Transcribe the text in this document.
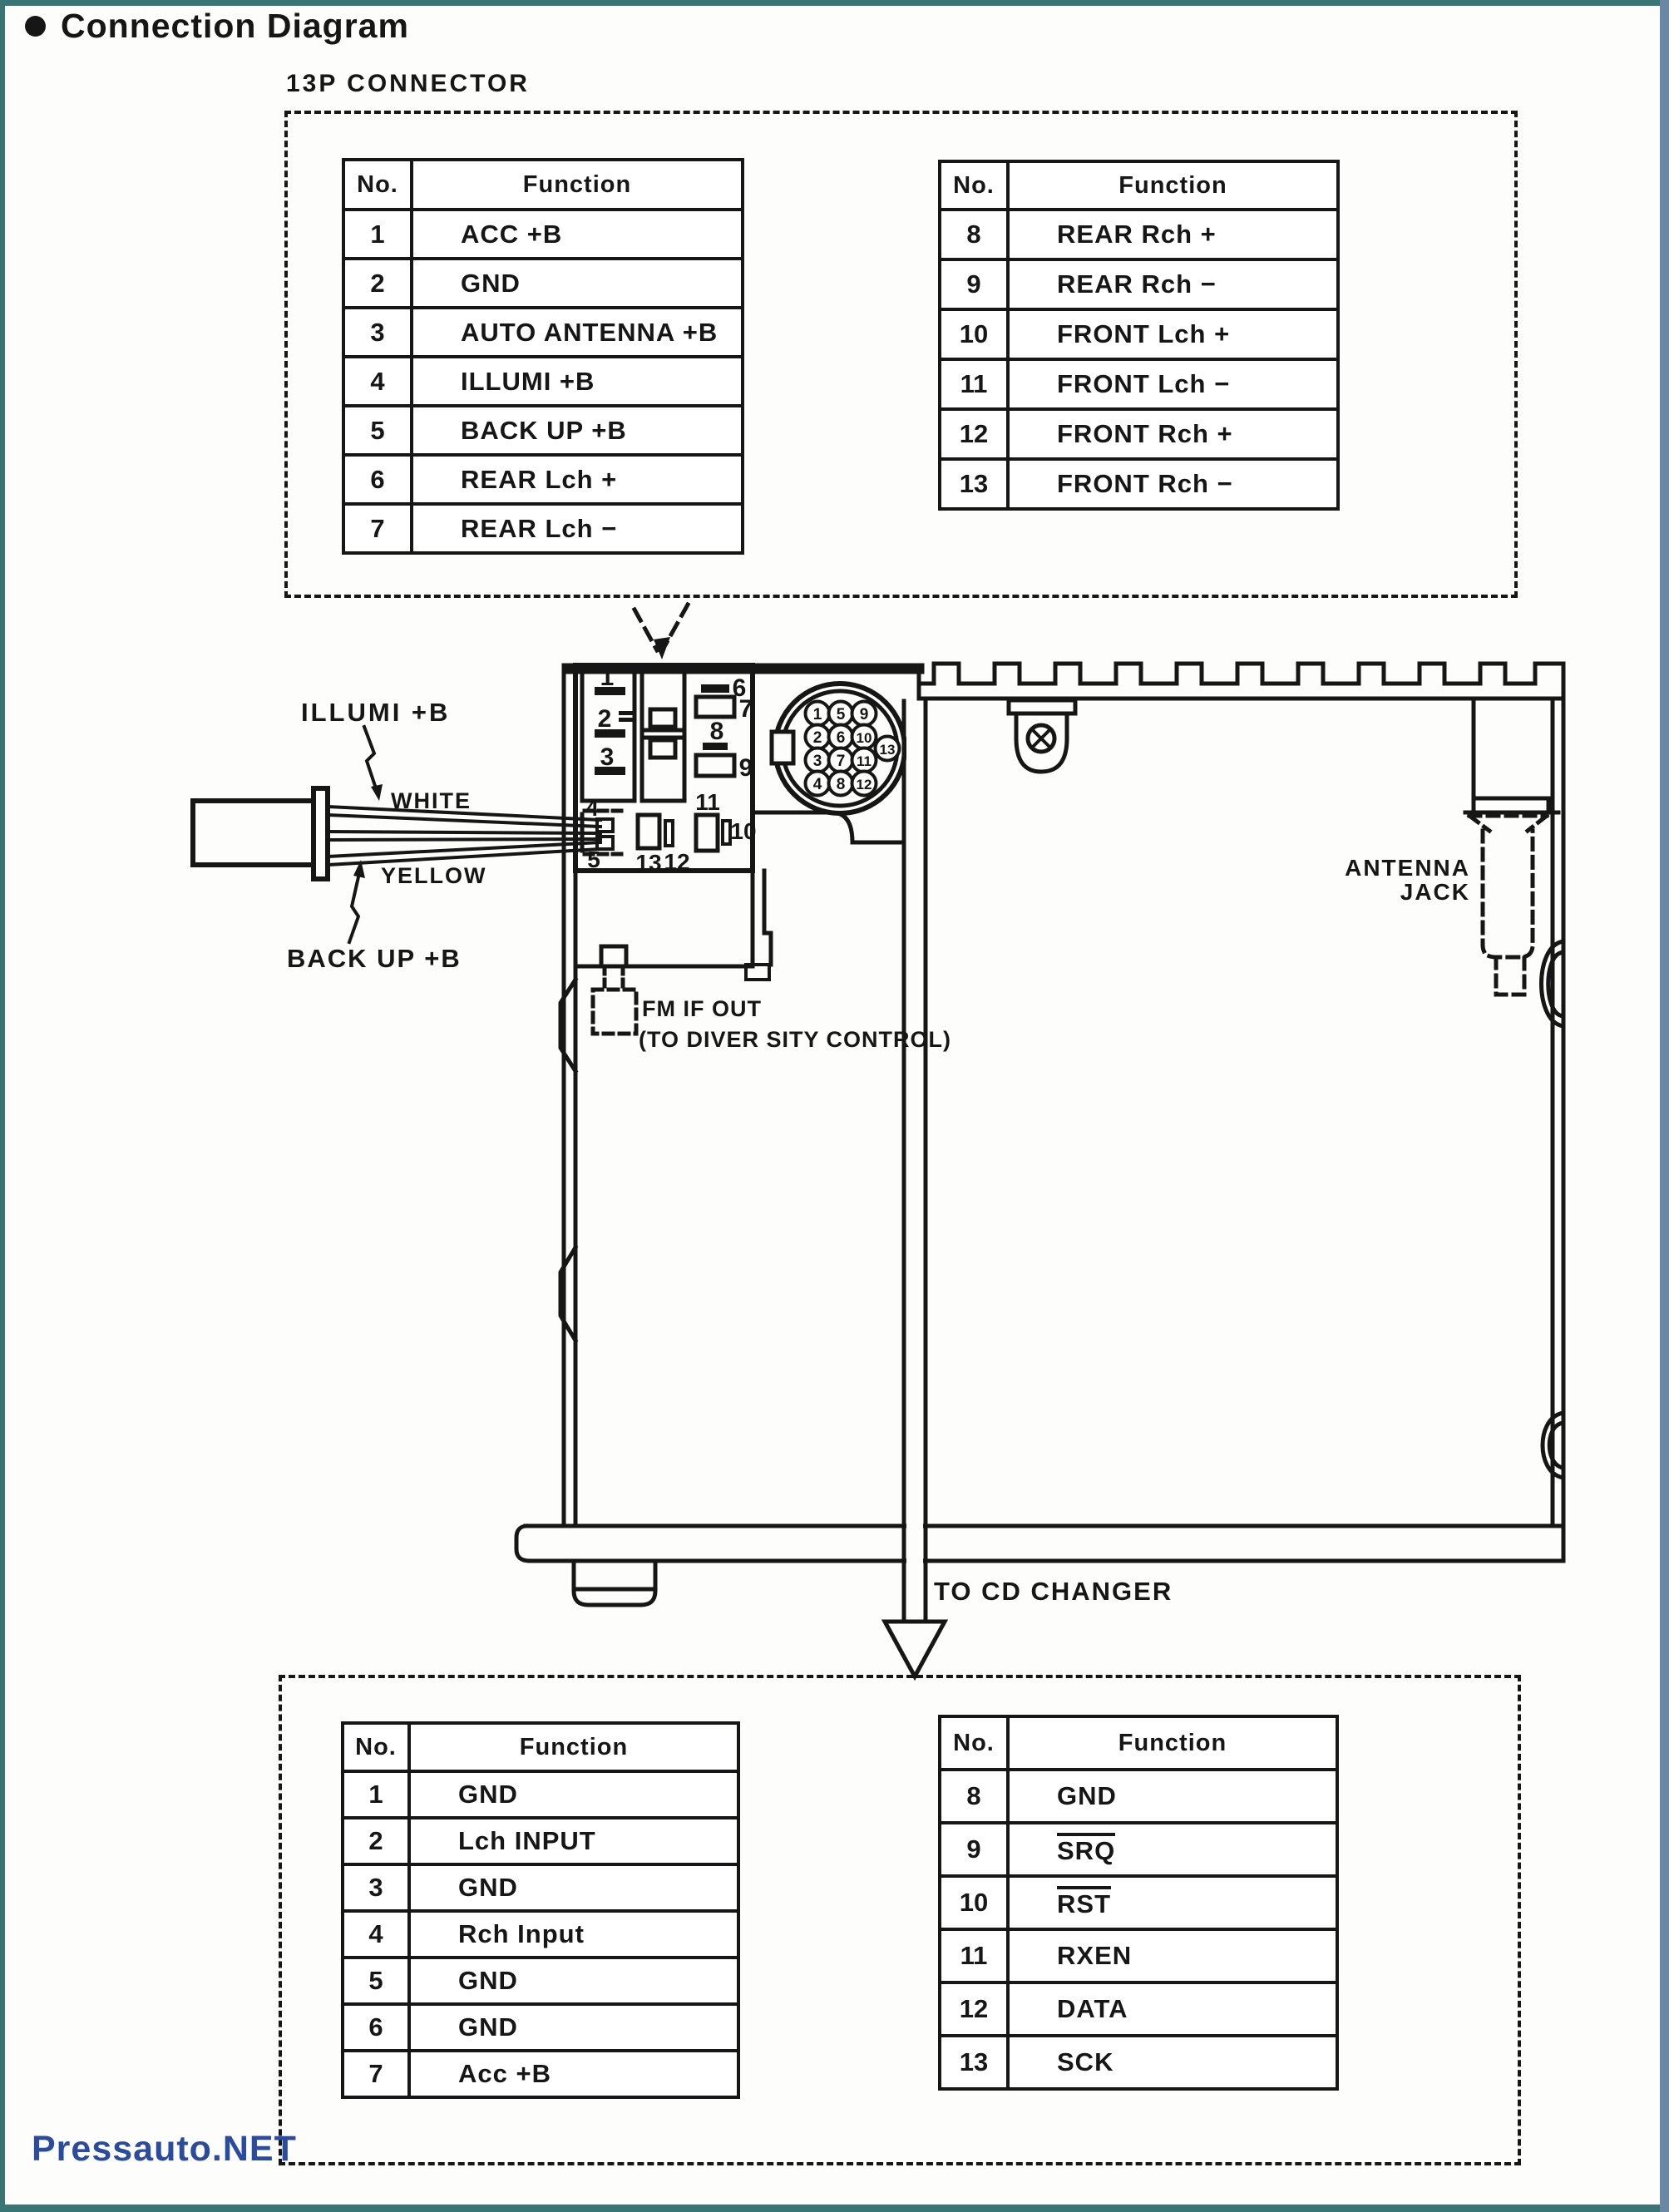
Connection Diagram
13P CONNECTOR
No.	Function
1	ACC +B
2	GND
3	AUTO ANTENNA +B
4	ILLUMI +B
5	BACK UP +B
6	REAR Lch +
7	REAR Lch −
No.	Function
8	REAR Rch +
9	REAR Rch −
10	FRONT Lch +
11	FRONT Lch −
12	FRONT Rch +
13	FRONT Rch −
No.	Function
1	GND
2	Lch INPUT
3	GND
4	Rch Input
5	GND
6	GND
7	Acc +B
No.	Function
8	GND
9	SRQ
10	RST
11	RXEN
12	DATA
13	SCK
ILLUMI +B
WHITE
YELLOW
BACK UP +B
FM IF OUT
(TO DIVER SITY CONTROL)
ANTENNA
JACK
TO CD CHANGER
1
2
3
6
7
8
9
4
5 13 12
11
10
1 5 9
2 6 10
3 7 11
13
4 8 12
Pressauto.NET
